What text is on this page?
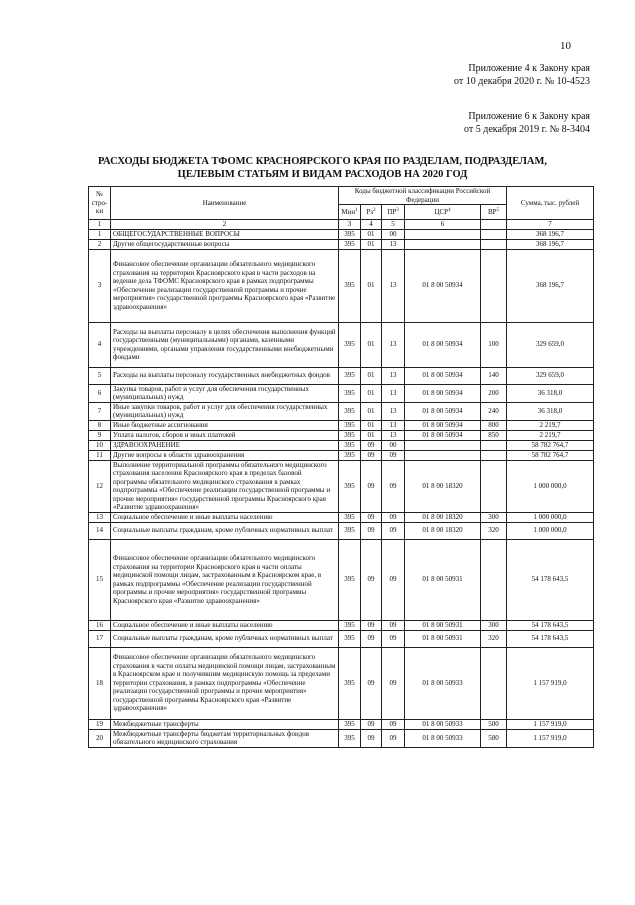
10
Приложение 4 к Закону края
от 10 декабря 2020 г. № 10-4523
Приложение 6 к Закону края
от 5 декабря 2019 г. № 8-3404
РАСХОДЫ БЮДЖЕТА ТФОМС КРАСНОЯРСКОГО КРАЯ ПО РАЗДЕЛАМ, ПОДРАЗДЕЛАМ,
ЦЕЛЕВЫМ СТАТЬЯМ И ВИДАМ РАСХОДОВ НА 2020 ГОД
№ стро-ки	Наименование	Коды бюджетной классификации Российской Федерации					Сумма, тыс. рублей
		Мин$^1$	$Рз^2$	$ПР^3$	ЦСР$^4$	$ВР^5$
1	2	3	4	5	6		7
1	ОБЩЕГОСУДАРСТВЕННЫЕ ВОПРОСЫ	395	01	00			368 196,7
2	Другие общегосударственные вопросы	395	01	13			368 196,7
3	Финансовое обеспечение организации обязательного медицинского страхования на территории Красноярского края в части расходов на ведение дела ТФОМС Красноярского края в рамках подпрограммы «Обеспечение реализации государственной программы и прочие мероприятия» государственной программы Красноярского края «Развитие здравоохранения»	395	01	13	01 8 00 50934		368 196,7
4	Расходы на выплаты персоналу в целях обеспечения выполнения функций государственными (муниципальными) органами, казенными учреждениями, органами управления государственными внебюджетными фондами	395	01	13	01 8 00 50934	100	329 659,0
5	Расходы на выплаты персоналу государственных внебюджетных фондов	395	01	13	01 8 00 50934	140	329 659,0
6	Закупка товаров, работ и услуг для обеспечения государственных (муниципальных) нужд	395	01	13	01 8 00 50934	200	36 318,0
7	Иные закупки товаров, работ и услуг для обеспечения государственных (муниципальных) нужд	395	01	13	01 8 00 50934	240	36 318,0
8	Иные бюджетные ассигнования	395	01	13	01 8 00 50934	800	2 219,7
9	Уплата налогов, сборов и иных платежей	395	01	13	01 8 00 50934	850	2 219,7
10	ЗДРАВООХРАНЕНИЕ	395	09	00			58 782 764,7
11	Другие вопросы в области здравоохранения	395	09	09			58 782 764,7
12	Выполнение территориальной программы обязательного медицинского страхования населения Красноярского края в пределах базовой программы обязательного медицинского страхования в рамках подпрограммы «Обеспечение реализации государственной программы и прочие мероприятия» государственной программы Красноярского края «Развитие здравоохранения»	395	09	09	01 8 00 18320		1 000 000,0
13	Социальное обеспечение и иные выплаты населению	395	09	09	01 8 00 18320	300	1 000 000,0
14	Социальные выплаты гражданам, кроме публичных нормативных выплат	395	09	09	01 8 00 18320	320	1 000 000,0
15	Финансовое обеспечение организации обязательного медицинского страхования на территории Красноярского края в части оплаты медицинской помощи лицам, застрахованным в Красноярском крае, в рамках подпрограммы «Обеспечение реализации государственной программы и прочие мероприятия» государственной программы Красноярского края «Развитие здравоохранения»	395	09	09	01 8 00 50931		54 178 643,5
16	Социальное обеспечение и иные выплаты населению	395	09	09	01 8 00 50931	300	54 178 643,5
17	Социальные выплаты гражданам, кроме публичных нормативных выплат	395	09	09	01 8 00 50931	320	54 178 643,5
18	Финансовое обеспечение организации обязательного медицинского страхования в части оплаты медицинской помощи лицам, застрахованным в Красноярском крае и получившим медицинскую помощь за пределами территории страхования, в рамках подпрограммы «Обеспечение реализации государственной программы и прочие мероприятия» государственной программы Красноярского края «Развитие здравоохранения»	395	09	09	01 8 00 50933		1 157 919,0
19	Межбюджетные трансферты	395	09	09	01 8 00 50933	500	1 157 919,0
20	Межбюджетные трансферты бюджетам территориальных фондов обязательного медицинского страхования	395	09	09	01 8 00 50933	580	1 157 919,0
